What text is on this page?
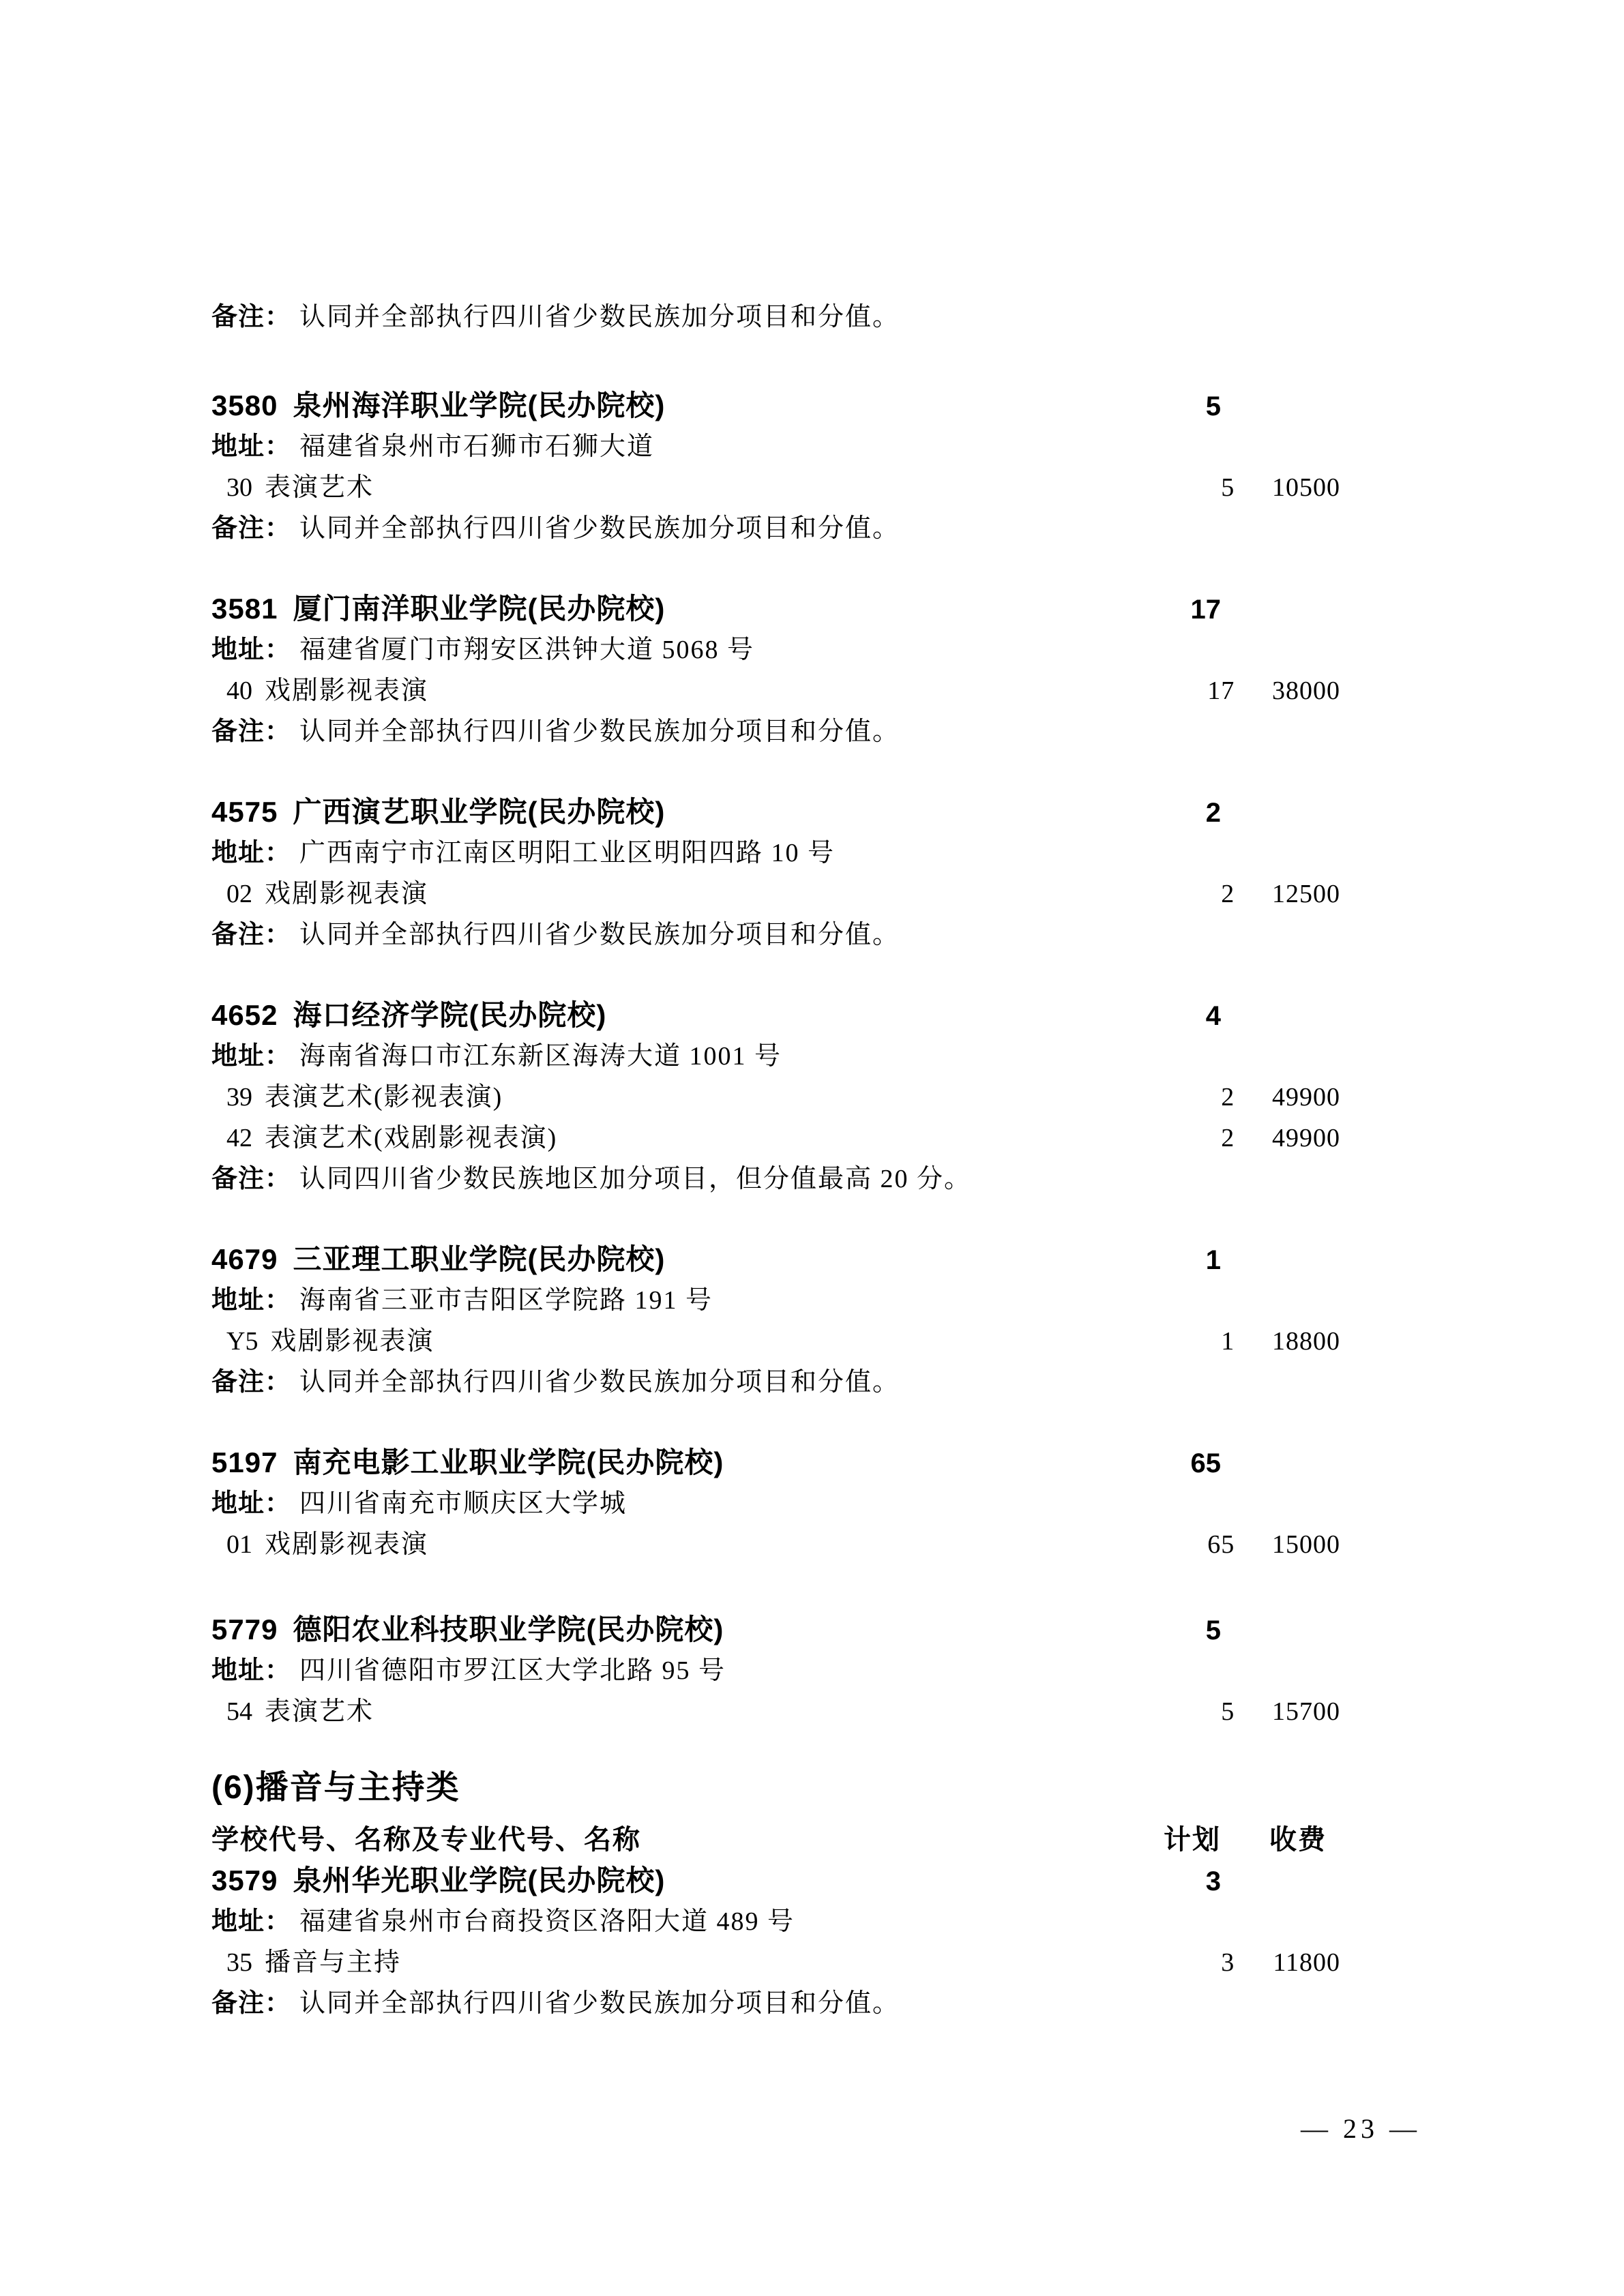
备注： 认同并全部执行四川省少数民族加分项目和分值。
3580 泉州海洋职业学院(民办院校)	5
地址： 福建省泉州市石狮市石狮大道
30 表演艺术	5	10500
备注： 认同并全部执行四川省少数民族加分项目和分值。
3581 厦门南洋职业学院(民办院校)	17
地址： 福建省厦门市翔安区洪钟大道 5068 号
40 戏剧影视表演	17	38000
备注： 认同并全部执行四川省少数民族加分项目和分值。
4575 广西演艺职业学院(民办院校)	2
地址： 广西南宁市江南区明阳工业区明阳四路 10 号
02 戏剧影视表演	2	12500
备注： 认同并全部执行四川省少数民族加分项目和分值。
4652 海口经济学院(民办院校)	4
地址： 海南省海口市江东新区海涛大道 1001 号
39 表演艺术(影视表演)	2	49900
42 表演艺术(戏剧影视表演)	2	49900
备注： 认同四川省少数民族地区加分项目，但分值最高 20 分。
4679 三亚理工职业学院(民办院校)	1
地址： 海南省三亚市吉阳区学院路 191 号
Y5 戏剧影视表演	1	18800
备注： 认同并全部执行四川省少数民族加分项目和分值。
5197 南充电影工业职业学院(民办院校)	65
地址： 四川省南充市顺庆区大学城
01 戏剧影视表演	65	15000
5779 德阳农业科技职业学院(民办院校)	5
地址： 四川省德阳市罗江区大学北路 95 号
54 表演艺术	5	15700
(6)播音与主持类
学校代号、名称及专业代号、名称	计划	收费
3579 泉州华光职业学院(民办院校)	3
地址： 福建省泉州市台商投资区洛阳大道 489 号
35 播音与主持	3	11800
备注： 认同并全部执行四川省少数民族加分项目和分值。
— 23 —
